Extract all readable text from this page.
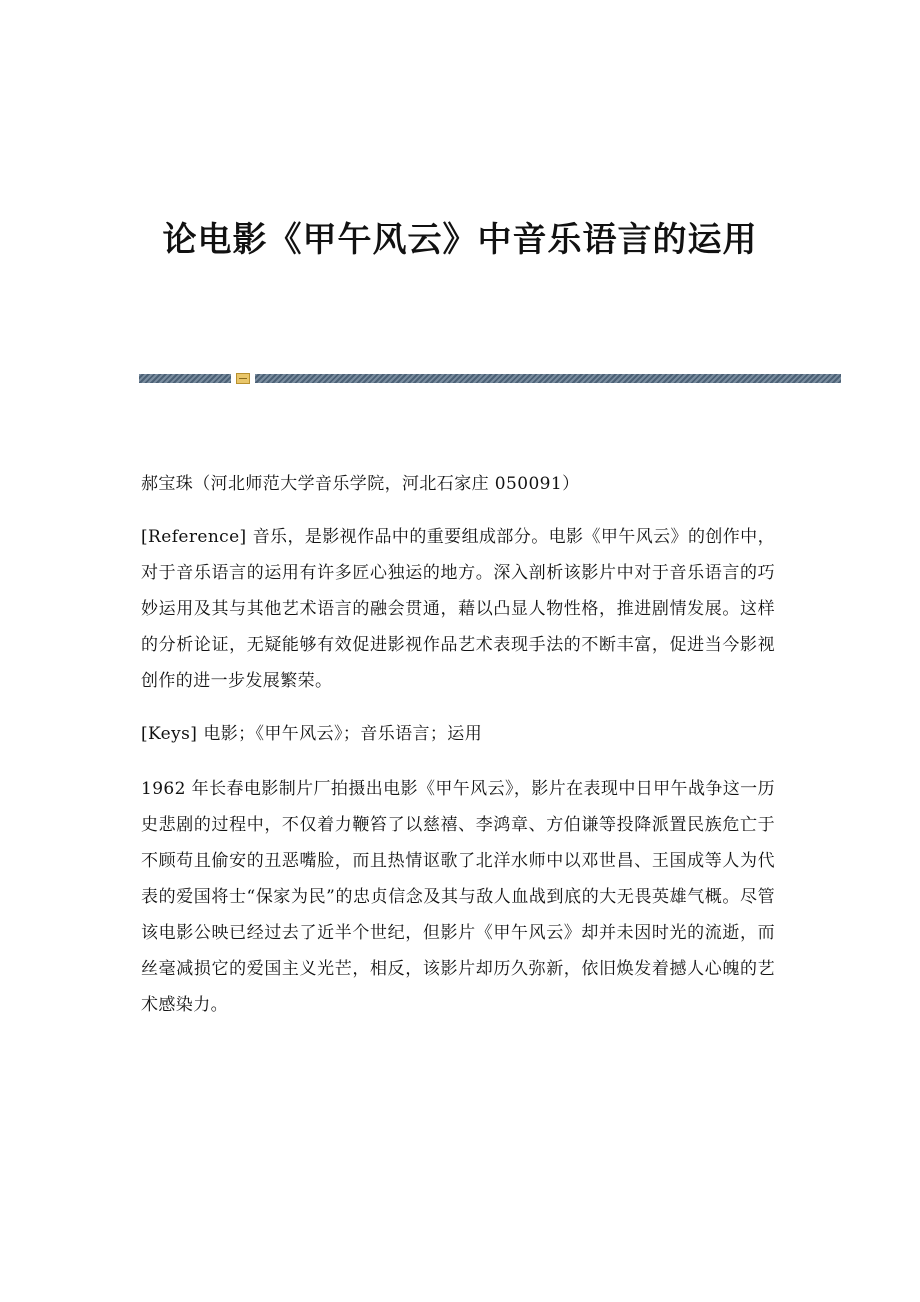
论电影《甲午风云》中音乐语言的运用

郝宝珠（河北师范大学音乐学院，河北石家庄 050091）

[Reference] 音乐，是影视作品中的重要组成部分。电影《甲午风云》的创作中，对于音乐语言的运用有许多匠心独运的地方。深入剖析该影片中对于音乐语言的巧妙运用及其与其他艺术语言的融会贯通，藉以凸显人物性格，推进剧情发展。这样的分析论证，无疑能够有效促进影视作品艺术表现手法的不断丰富，促进当今影视创作的进一步发展繁荣。

[Keys] 电影；《甲午风云》；音乐语言；运用

1962 年长春电影制片厂拍摄出电影《甲午风云》，影片在表现中日甲午战争这一历史悲剧的过程中，不仅着力鞭笞了以慈禧、李鸿章、方伯谦等投降派置民族危亡于不顾苟且偷安的丑恶嘴脸，而且热情讴歌了北洋水师中以邓世昌、王国成等人为代表的爱国将士“保家为民”的忠贞信念及其与敌人血战到底的大无畏英雄气概。尽管该电影公映已经过去了近半个世纪，但影片《甲午风云》却并未因时光的流逝，而丝毫减损它的爱国主义光芒，相反，该影片却历久弥新，依旧焕发着撼人心魄的艺术感染力。
